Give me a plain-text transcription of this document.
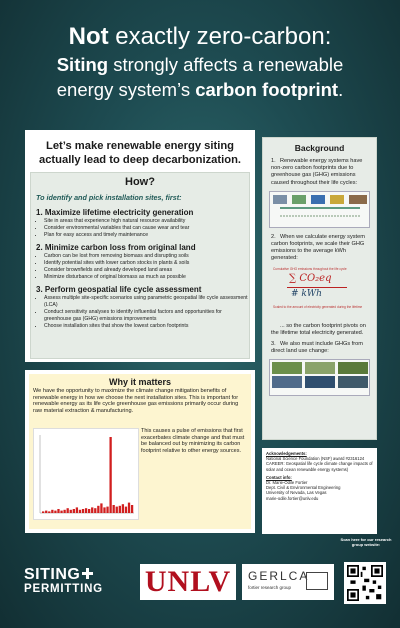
Not exactly zero-carbon:
Siting strongly affects a renewable
energy system’s carbon footprint.
Let’s make renewable energy siting actually lead to deep decarbonization.
How?
To identify and pick installation sites, first:
1. Maximize lifetime electricity generation
• Site in areas that experience high natural resource availability
• Consider environmental variables that can cause wear and tear
• Plan for easy access and timely maintenance
2. Minimize carbon loss from original land
• Carbon can be lost from removing biomass and disrupting soils
• Identify potential sites with lower carbon stocks in plants & soils
• Consider brownfields and already developed land areas
• Minimize disturbance of original biomass as much as possible
3. Perform geospatial life cycle assessment
• Assess multiple site-specific scenarios using parametric geospatial life cycle assessment (LCA)
• Conduct sensitivity analyses to identify influential factors and opportunities for greenhouse gas (GHG) emissions improvements
• Choose installation sites that show the lowest carbon footprints
Background
1. Renewable energy systems have non-zero carbon footprints due to greenhouse gas (GHG) emissions caused throughout their life cycles:
2. When we calculate energy system carbon footprints, we scale their GHG emissions to the average kWh generated:
Cumulative GHG emissions throughout the life cycle
∑ CO₂eq
# kWh
Scaled to the amount of electricity generated during the lifetime
... so the carbon footprint pivots on the lifetime total electricity generated.
3. We also must include GHGs from direct land use change:
Why it matters

We have the opportunity to maximize the climate change mitigation benefits of renewable energy in how we choose the next installation sites. This is important for renewable energy as its life cycle greenhouse gas emissions primarily occur during raw material extraction & manufacturing.

This causes a pulse of emissions that first exacerbates climate change and that must be balanced out by minimizing its carbon footprint relative to other energy sources.	Acknowledgements:
National Science Foundation (NSF) award #2316124 CAREER: Geospatial life cycle climate change impacts of solar and ocean renewable energy systems)
Contact info:
Dr. Marie-Odile Fortier
Dept. Civil & Environmental Engineering
University of Nevada, Las Vegas
marie-odile.fortier@unlv.edu
Scan here for our research group website:
SITING
PERMITTING UNLV	GERLCA
fortier research group
